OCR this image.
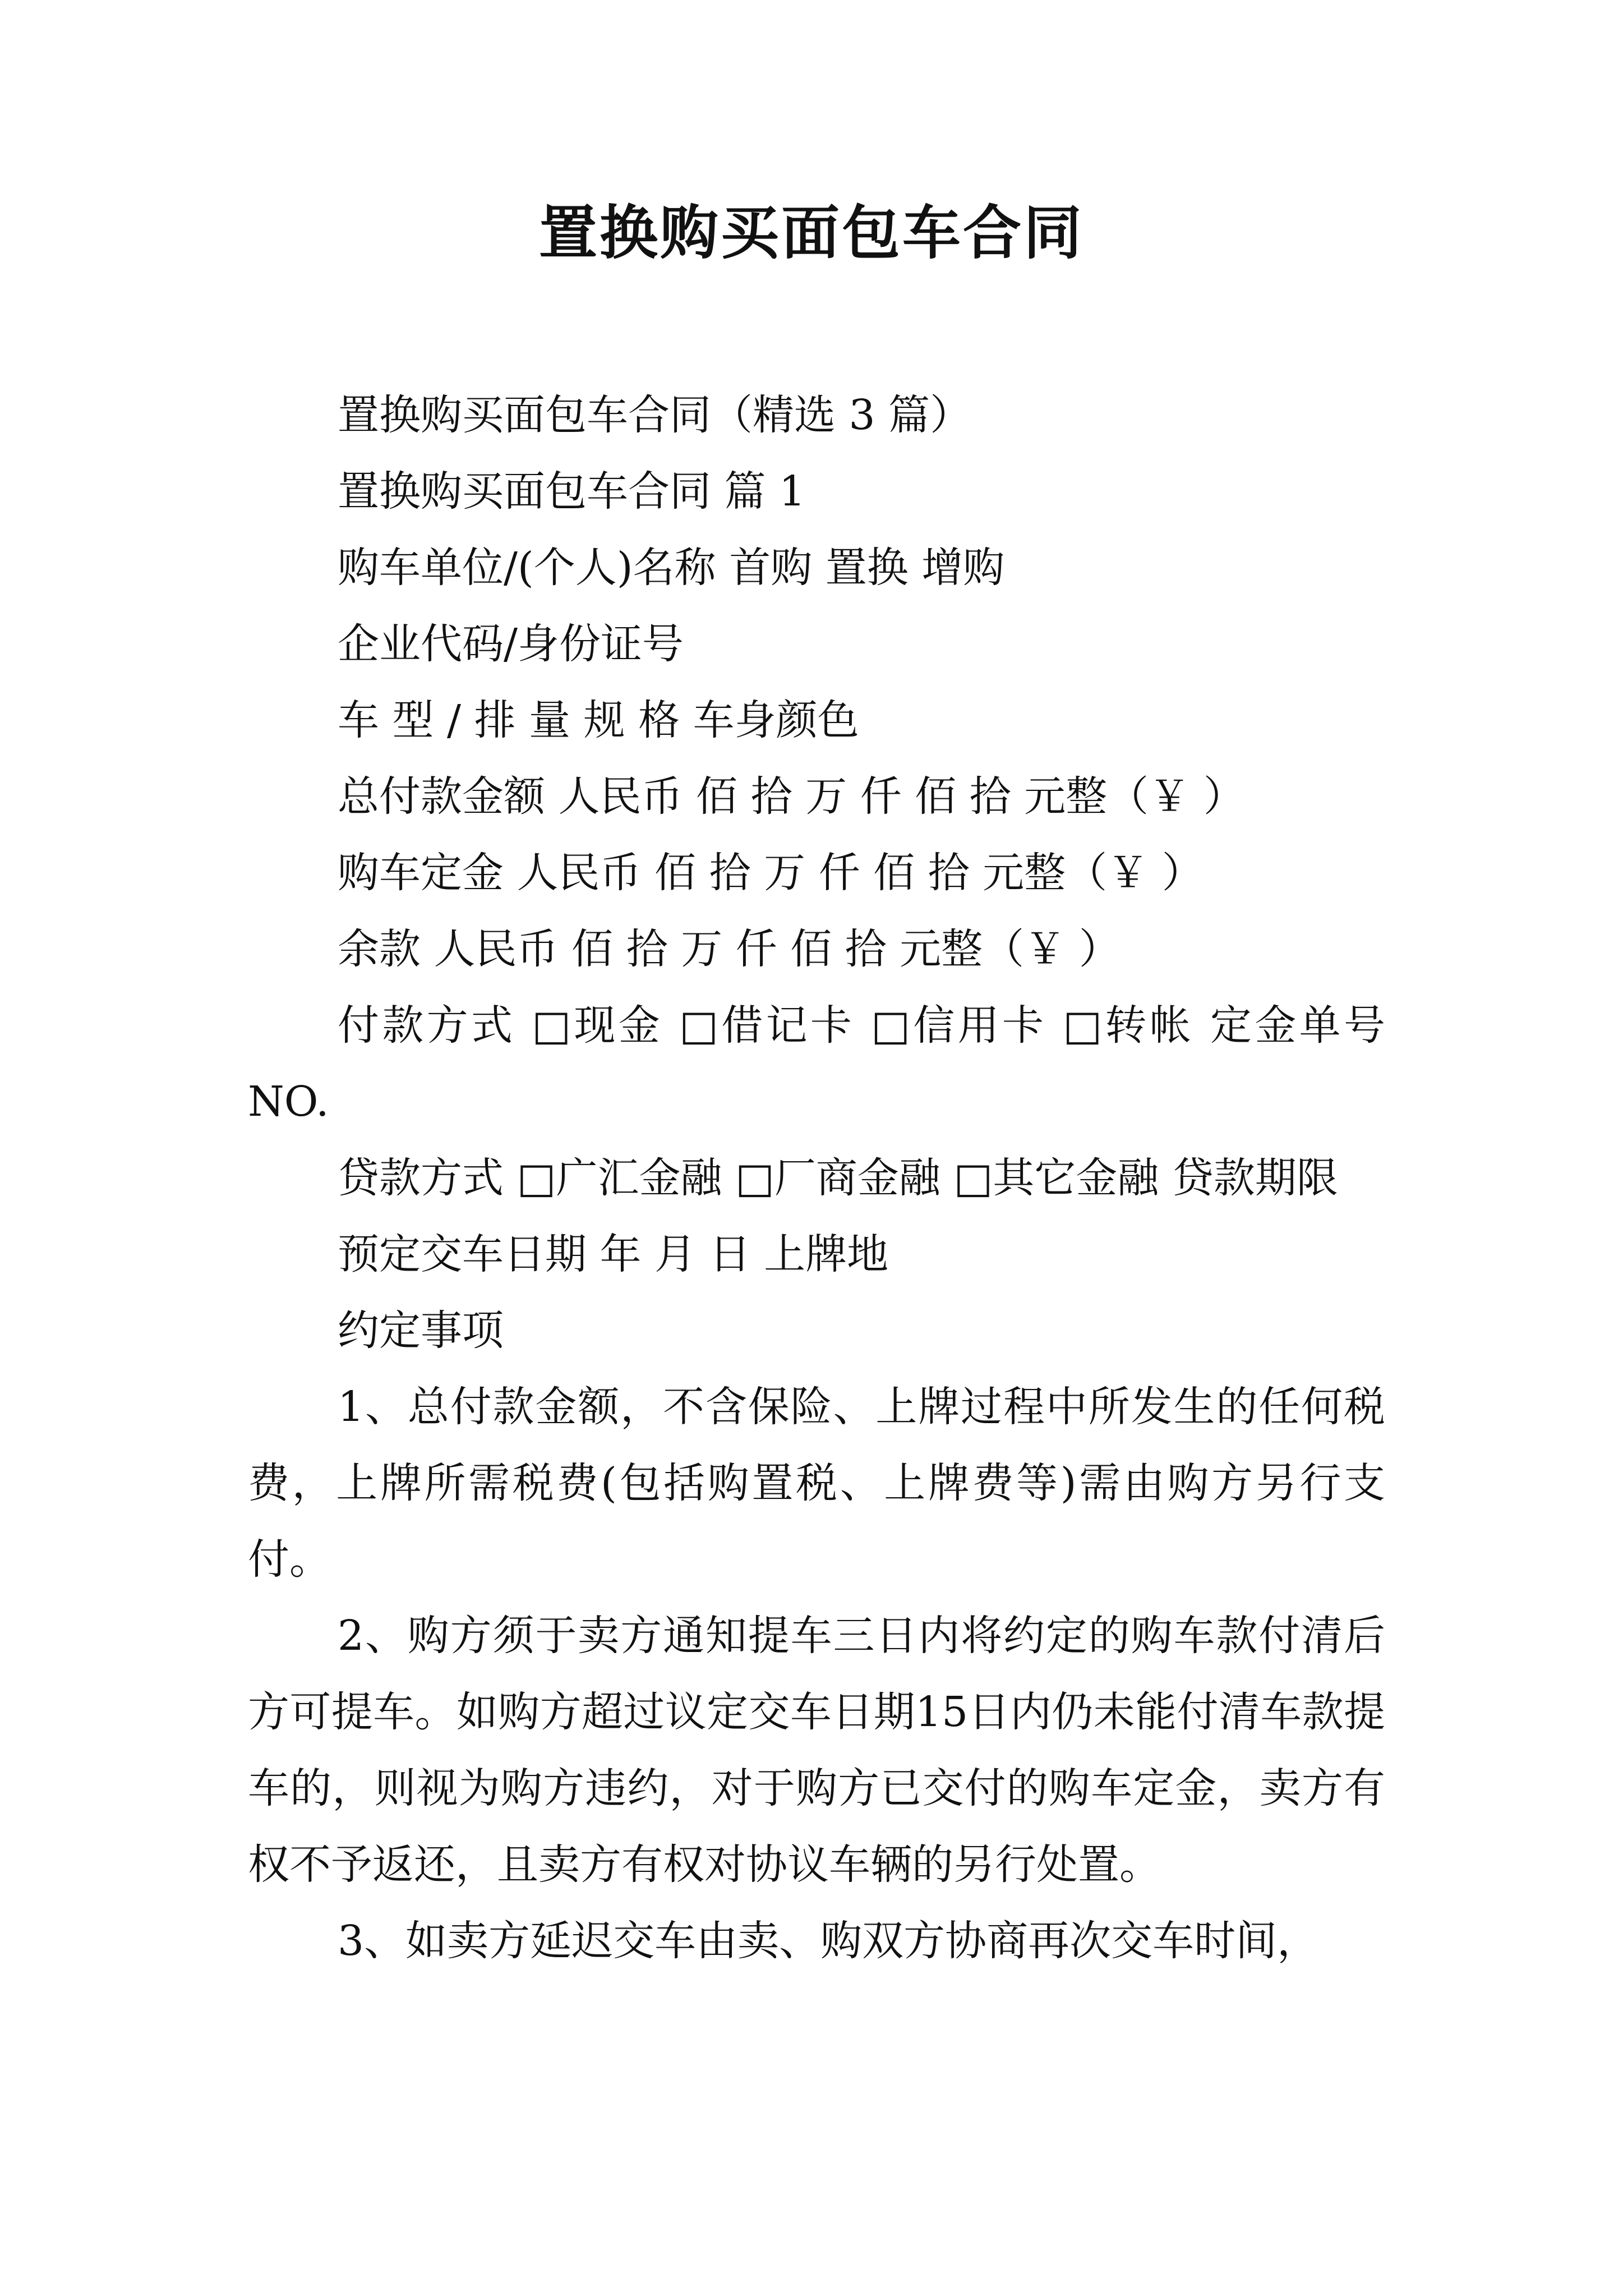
置换购买面包车合同

置换购买面包车合同（精选 3 篇）

置换购买面包车合同 篇 1

购车单位/(个人)名称 首购 置换 增购

企业代码/身份证号

车 型 / 排 量 规 格 车身颜色

总付款金额 人民币 佰 拾 万 仟 佰 拾 元整（￥ ）

购车定金 人民币 佰 拾 万 仟 佰 拾 元整（￥ ）

余款 人民币 佰 拾 万 仟 佰 拾 元整（￥ ）

付款方式 □现金 □借记卡 □信用卡 □转帐 定金单号 NO.

贷款方式 □广汇金融 □厂商金融 □其它金融 贷款期限

预定交车日期 年 月 日 上牌地

约定事项

1、总付款金额，不含保险、上牌过程中所发生的任何税费，上牌所需税费(包括购置税、上牌费等)需由购方另行支付。

2、购方须于卖方通知提车三日内将约定的购车款付清后方可提车。如购方超过议定交车日期15日内仍未能付清车款提车的，则视为购方违约，对于购方已交付的购车定金，卖方有权不予返还，且卖方有权对协议车辆的另行处置。

3、如卖方延迟交车由卖、购双方协商再次交车时间，
